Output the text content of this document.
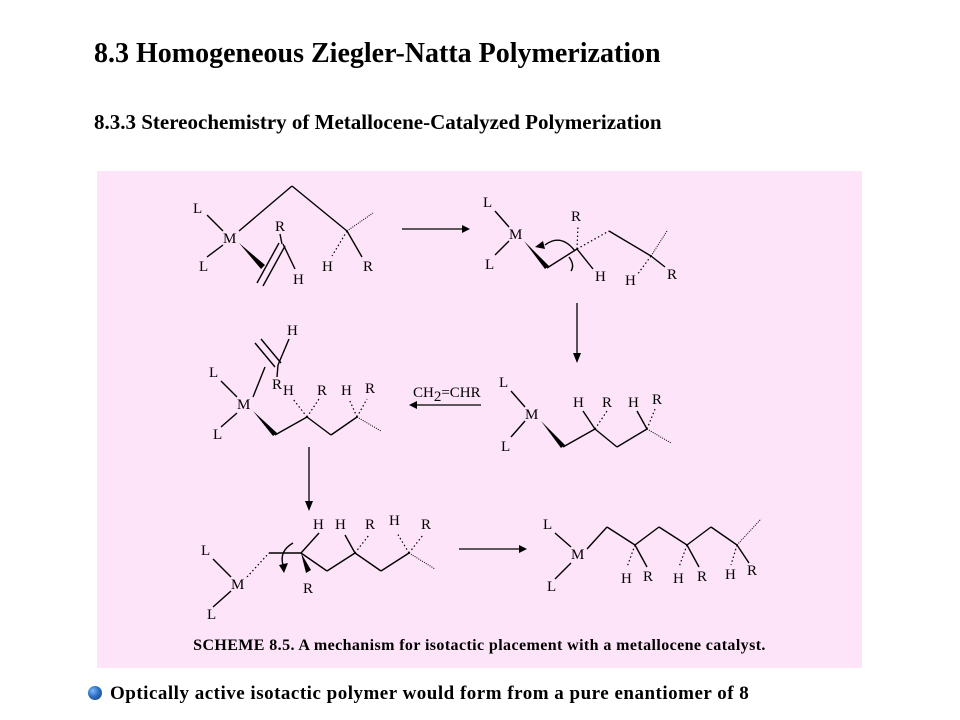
8.3 Homogeneous Ziegler-Natta Polymerization
8.3.3 Stereochemistry of Metallocene-Catalyzed Polymerization
L
M
L
R
H
H R
L
M
L
R
H H R
L
M
L
H R H R
CH2=CHR
H
L
M
L
R H R H R
L
M
L
H H R H R
R
L
M
L	H R H R H R
SCHEME 8.5. A mechanism for isotactic placement with a metallocene catalyst.
Optically active isotactic polymer would form from a pure enantiomer of 8
